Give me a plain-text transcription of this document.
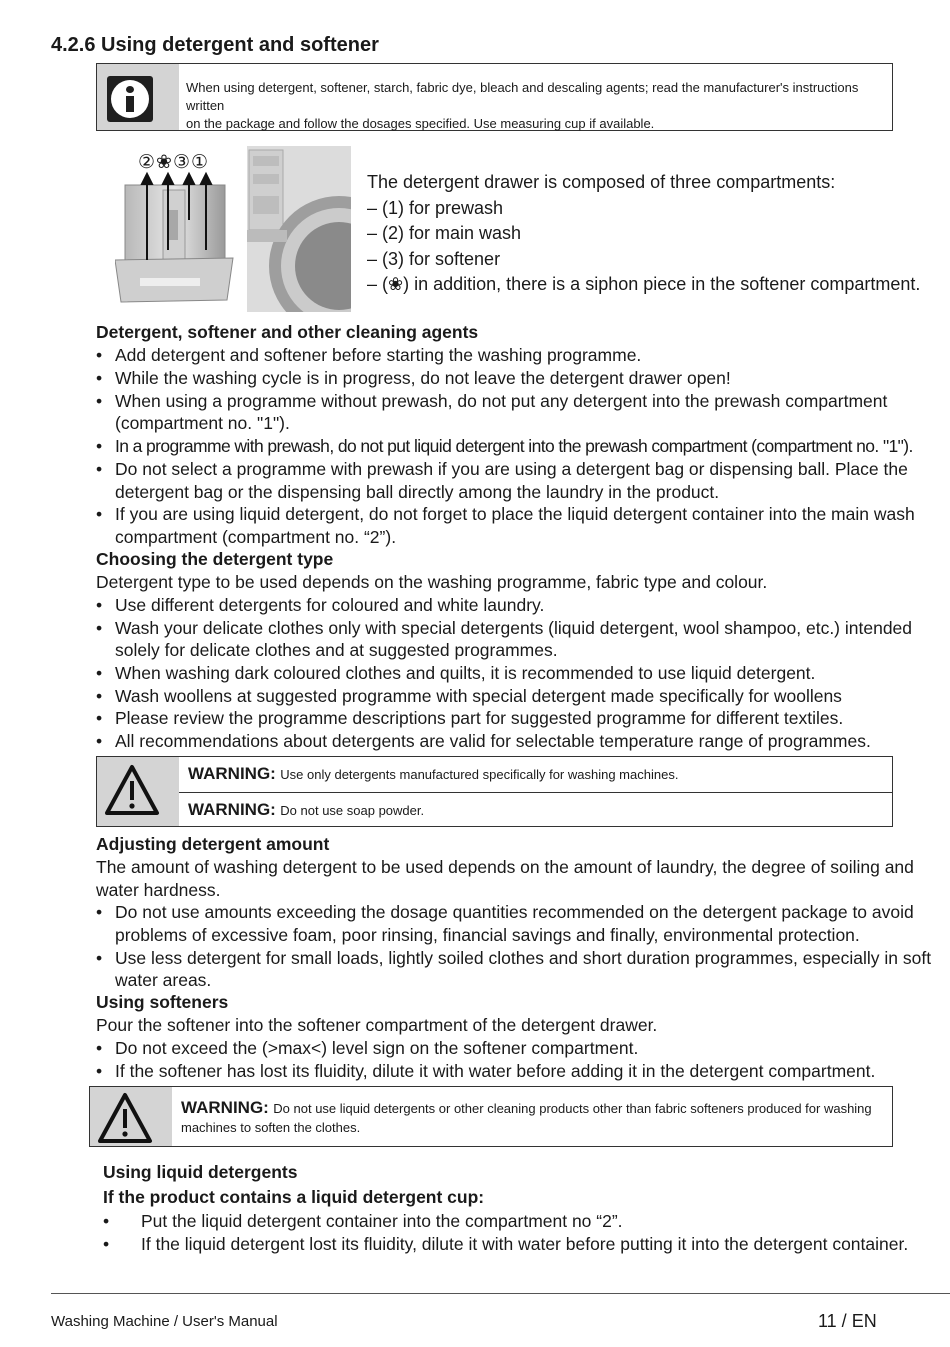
4.2.6 Using detergent and softener
When using detergent, softener, starch, fabric dye, bleach and descaling agents; read the manufacturer's instructions written
on the package and follow the dosages specified. Use measuring cup if available.
②❀③①
The detergent drawer is composed of three compartments:
– (1) for prewash
– (2) for main wash
– (3) for softener
– (❀) in addition, there is a siphon piece in the softener compartment.
Detergent, softener and other cleaning agents
• Add detergent and softener before starting the washing programme.
• While the washing cycle is in progress, do not leave the detergent drawer open!
• When using a programme without prewash, do not put any detergent into the prewash compartment
(compartment no. "1").
• In a programme with prewash, do not put liquid detergent into the prewash compartment (compartment no. "1").
• Do not select a programme with prewash if you are using a detergent bag or dispensing ball. Place the
detergent bag or the dispensing ball directly among the laundry in the product.
• If you are using liquid detergent, do not forget to place the liquid detergent container into the main wash
compartment (compartment no. “2”).
Choosing the detergent type
Detergent type to be used depends on the washing programme, fabric type and colour.
• Use different detergents for coloured and white laundry.
• Wash your delicate clothes only with special detergents (liquid detergent, wool shampoo, etc.) intended
solely for delicate clothes and at suggested programmes.
• When washing dark coloured clothes and quilts, it is recommended to use liquid detergent.
• Wash woollens at suggested programme with special detergent made specifically for woollens
• Please review the programme descriptions part for suggested programme for different textiles.
• All recommendations about detergents are valid for selectable temperature range of programmes.
WARNING: Use only detergents manufactured specifically for washing machines.
WARNING: Do not use soap powder.
Adjusting detergent amount
The amount of washing detergent to be used depends on the amount of laundry, the degree of soiling and
water hardness.
• Do not use amounts exceeding the dosage quantities recommended on the detergent package to avoid
problems of excessive foam, poor rinsing, financial savings and finally, environmental protection.
• Use less detergent for small loads, lightly soiled clothes and short duration programmes, especially in soft
water areas.
Using softeners
Pour the softener into the softener compartment of the detergent drawer.
• Do not exceed the (>max<) level sign on the softener compartment.
• If the softener has lost its fluidity, dilute it with water before adding it in the detergent compartment.
WARNING: Do not use liquid detergents or other cleaning products other than fabric softeners produced for washing
machines to soften the clothes.
Using liquid detergents
If the product contains a liquid detergent cup:
• Put the liquid detergent container into the compartment no “2”.
• If the liquid detergent lost its fluidity, dilute it with water before putting it into the detergent container.
Washing Machine / User's Manual	11 / EN
